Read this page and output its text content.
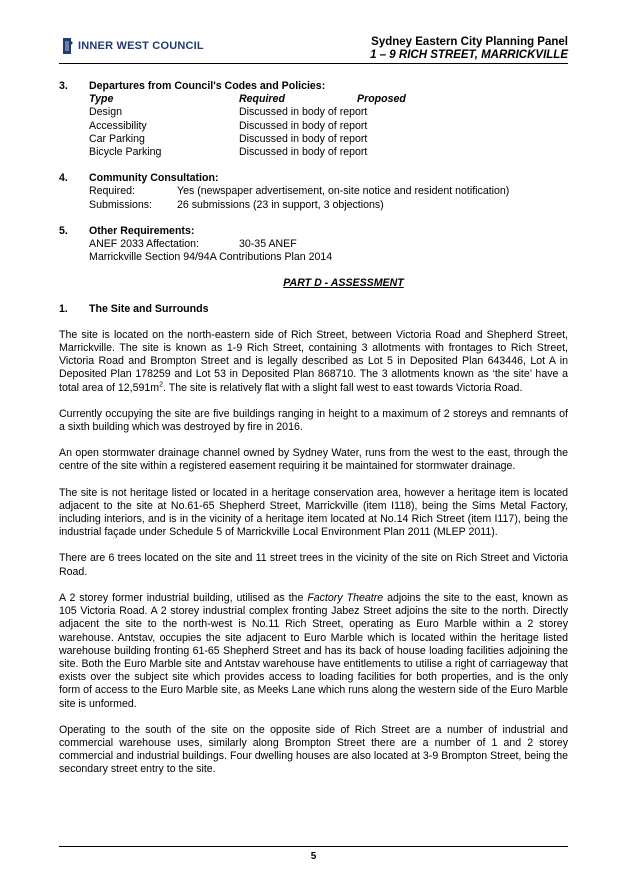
INNER WEST COUNCIL	Sydney Eastern City Planning Panel
1 – 9 RICH STREET, MARRICKVILLE
3. Departures from Council's Codes and Policies:
Type	Required	Proposed
Design	Discussed in body of report
Accessibility	Discussed in body of report
Car Parking	Discussed in body of report
Bicycle Parking	Discussed in body of report
4. Community Consultation:
Required:	Yes (newspaper advertisement, on-site notice and resident notification)
Submissions:	26 submissions (23 in support, 3 objections)
5. Other Requirements:
ANEF 2033 Affectation:	30-35 ANEF
Marrickville Section 94/94A Contributions Plan 2014
PART D - ASSESSMENT
1. The Site and Surrounds

The site is located on the north-eastern side of Rich Street, between Victoria Road and Shepherd Street, Marrickville. The site is known as 1-9 Rich Street, containing 3 allotments with frontages to Rich Street, Victoria Road and Brompton Street and is legally described as Lot 5 in Deposited Plan 643446, Lot A in Deposited Plan 178259 and Lot 53 in Deposited Plan 868710. The 3 allotments known as ‘the site’ have a total area of $12,591m^2$. The site is relatively flat with a slight fall west to east towards Victoria Road.

Currently occupying the site are five buildings ranging in height to a maximum of 2 storeys and remnants of a sixth building which was destroyed by fire in 2016.

An open stormwater drainage channel owned by Sydney Water, runs from the west to the east, through the centre of the site within a registered easement requiring it be maintained for stormwater drainage.

The site is not heritage listed or located in a heritage conservation area, however a heritage item is located adjacent to the site at No.61-65 Shepherd Street, Marrickville (item I118), being the Sims Metal Factory, including interiors, and is in the vicinity of a heritage item located at No.14 Rich Street (item I117), being the industrial façade under Schedule 5 of Marrickville Local Environment Plan 2011 (MLEP 2011).

There are 6 trees located on the site and 11 street trees in the vicinity of the site on Rich Street and Victoria Road.

A 2 storey former industrial building, utilised as the Factory Theatre adjoins the site to the east, known as 105 Victoria Road. A 2 storey industrial complex fronting Jabez Street adjoins the site to the north. Directly adjacent the site to the north-west is No.11 Rich Street, operating as Euro Marble within a 2 storey warehouse. Antstav, occupies the site adjacent to Euro Marble which is located within the heritage listed warehouse building fronting 61-65 Shepherd Street and has its back of house loading facilities adjoining the site. Both the Euro Marble site and Antstav warehouse have entitlements to utilise a right of carriageway that exists over the subject site which provides access to loading facilities for both properties, and is the only form of access to the Euro Marble site, as Meeks Lane which runs along the western side of the Euro Marble site is unformed.

Operating to the south of the site on the opposite side of Rich Street are a number of industrial and commercial warehouse uses, similarly along Brompton Street there are a number of 1 and 2 storey commercial and industrial buildings. Four dwelling houses are also located at 3-9 Brompton Street, being the secondary street entry to the site.

5
